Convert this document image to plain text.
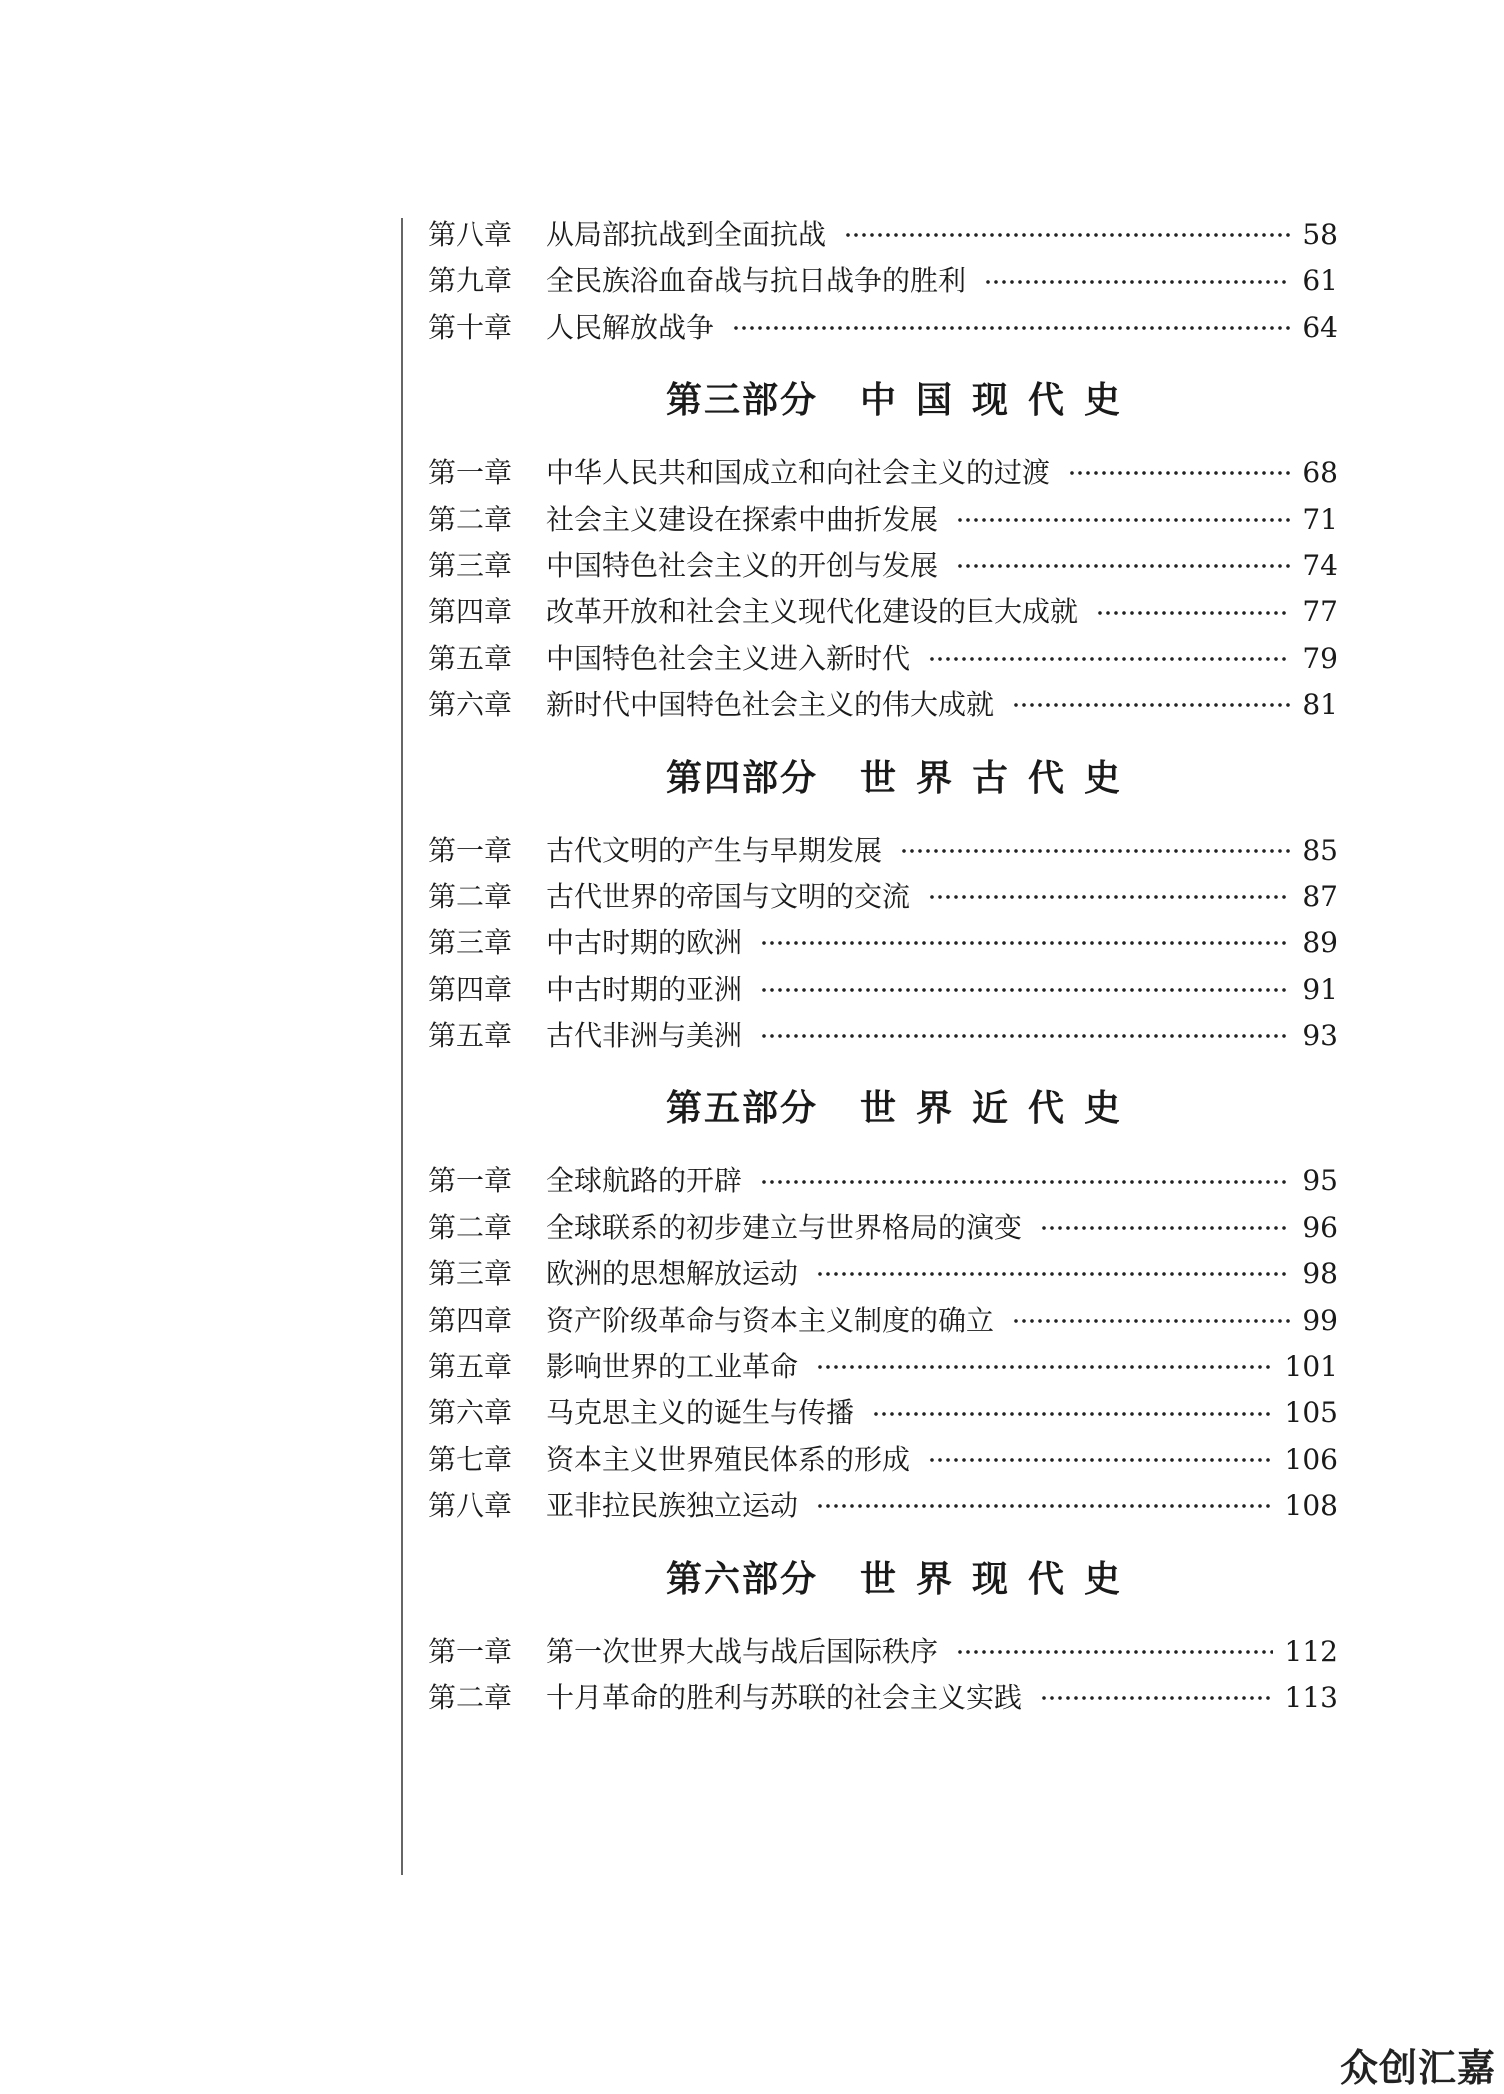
第八章	从局部抗战到全面抗战	58
第九章	全民族浴血奋战与抗日战争的胜利	61
第十章	人民解放战争	64
第三部分 中国现代史
第一章	中华人民共和国成立和向社会主义的过渡	68
第二章	社会主义建设在探索中曲折发展	71
第三章	中国特色社会主义的开创与发展	74
第四章	改革开放和社会主义现代化建设的巨大成就	77
第五章	中国特色社会主义进入新时代	79
第六章	新时代中国特色社会主义的伟大成就	81
第四部分 世界古代史
第一章	古代文明的产生与早期发展	85
第二章	古代世界的帝国与文明的交流	87
第三章	中古时期的欧洲	89
第四章	中古时期的亚洲	91
第五章	古代非洲与美洲	93
第五部分 世界近代史
第一章	全球航路的开辟	95
第二章	全球联系的初步建立与世界格局的演变	96
第三章	欧洲的思想解放运动	98
第四章	资产阶级革命与资本主义制度的确立	99
第五章	影响世界的工业革命	101
第六章	马克思主义的诞生与传播	105
第七章	资本主义世界殖民体系的形成	106
第八章	亚非拉民族独立运动	108
第六部分 世界现代史
第一章	第一次世界大战与战后国际秩序	112
第二章	十月革命的胜利与苏联的社会主义实践	113
众创汇嘉
